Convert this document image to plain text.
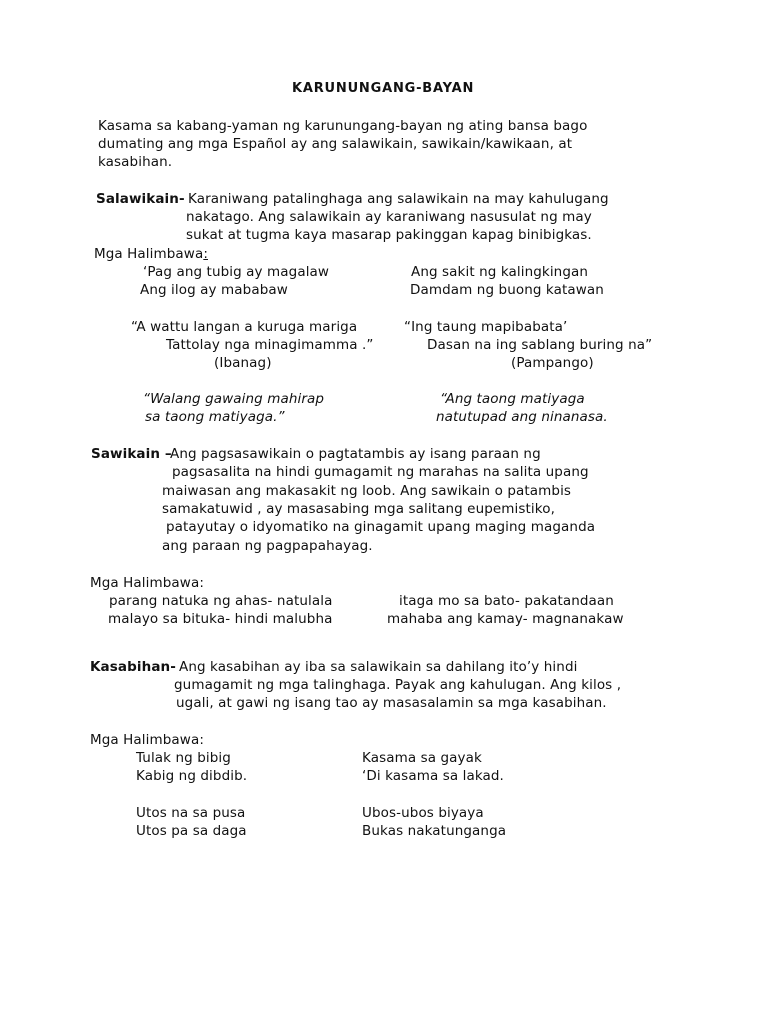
KARUNUNGANG-BAYAN
Kasama sa kabang-yaman ng karunungang-bayan ng ating bansa bago
dumating ang mga Español ay ang salawikain, sawikain/kawikaan, at
kasabihan.
Salawikain- Karaniwang patalinghaga ang salawikain na may kahulugang
nakatago. Ang salawikain ay karaniwang nasusulat ng may
sukat at tugma kaya masarap pakinggan kapag binibigkas.
Mga Halimbawa:
‘Pag ang tubig ay magalaw
Ang ilog ay mababaw
Ang sakit ng kalingkingan
Damdam ng buong katawan
“A wattu langan a kuruga mariga
Tattolay nga minagimamma .”
(Ibanag)
“Ing taung mapibabata’
Dasan na ing sablang buring na”
(Pampango)
“Walang gawaing mahirap
sa taong matiyaga.”
“Ang taong matiyaga
natutupad ang ninanasa.
Sawikain –
Ang pagsasawikain o pagtatambis ay isang paraan ng
pagsasalita na hindi gumagamit ng marahas na salita upang
maiwasan ang makasakit ng loob. Ang sawikain o patambis
samakatuwid , ay masasabing mga salitang eupemistiko,
patayutay o idyomatiko na ginagamit upang maging maganda
ang paraan ng pagpapahayag.
Mga Halimbawa:
parang natuka ng ahas- natulala
malayo sa bituka- hindi malubha
itaga mo sa bato- pakatandaan
mahaba ang kamay- magnanakaw
Kasabihan- Ang kasabihan ay iba sa salawikain sa dahilang ito’y hindi
gumagamit ng mga talinghaga. Payak ang kahulugan. Ang kilos ,
ugali, at gawi ng isang tao ay masasalamin sa mga kasabihan.
Mga Halimbawa:
Tulak ng bibig
Kabig ng dibdib.
Kasama sa gayak
‘Di kasama sa lakad.
Utos na sa pusa
Utos pa sa daga
Ubos-ubos biyaya
Bukas nakatunganga
